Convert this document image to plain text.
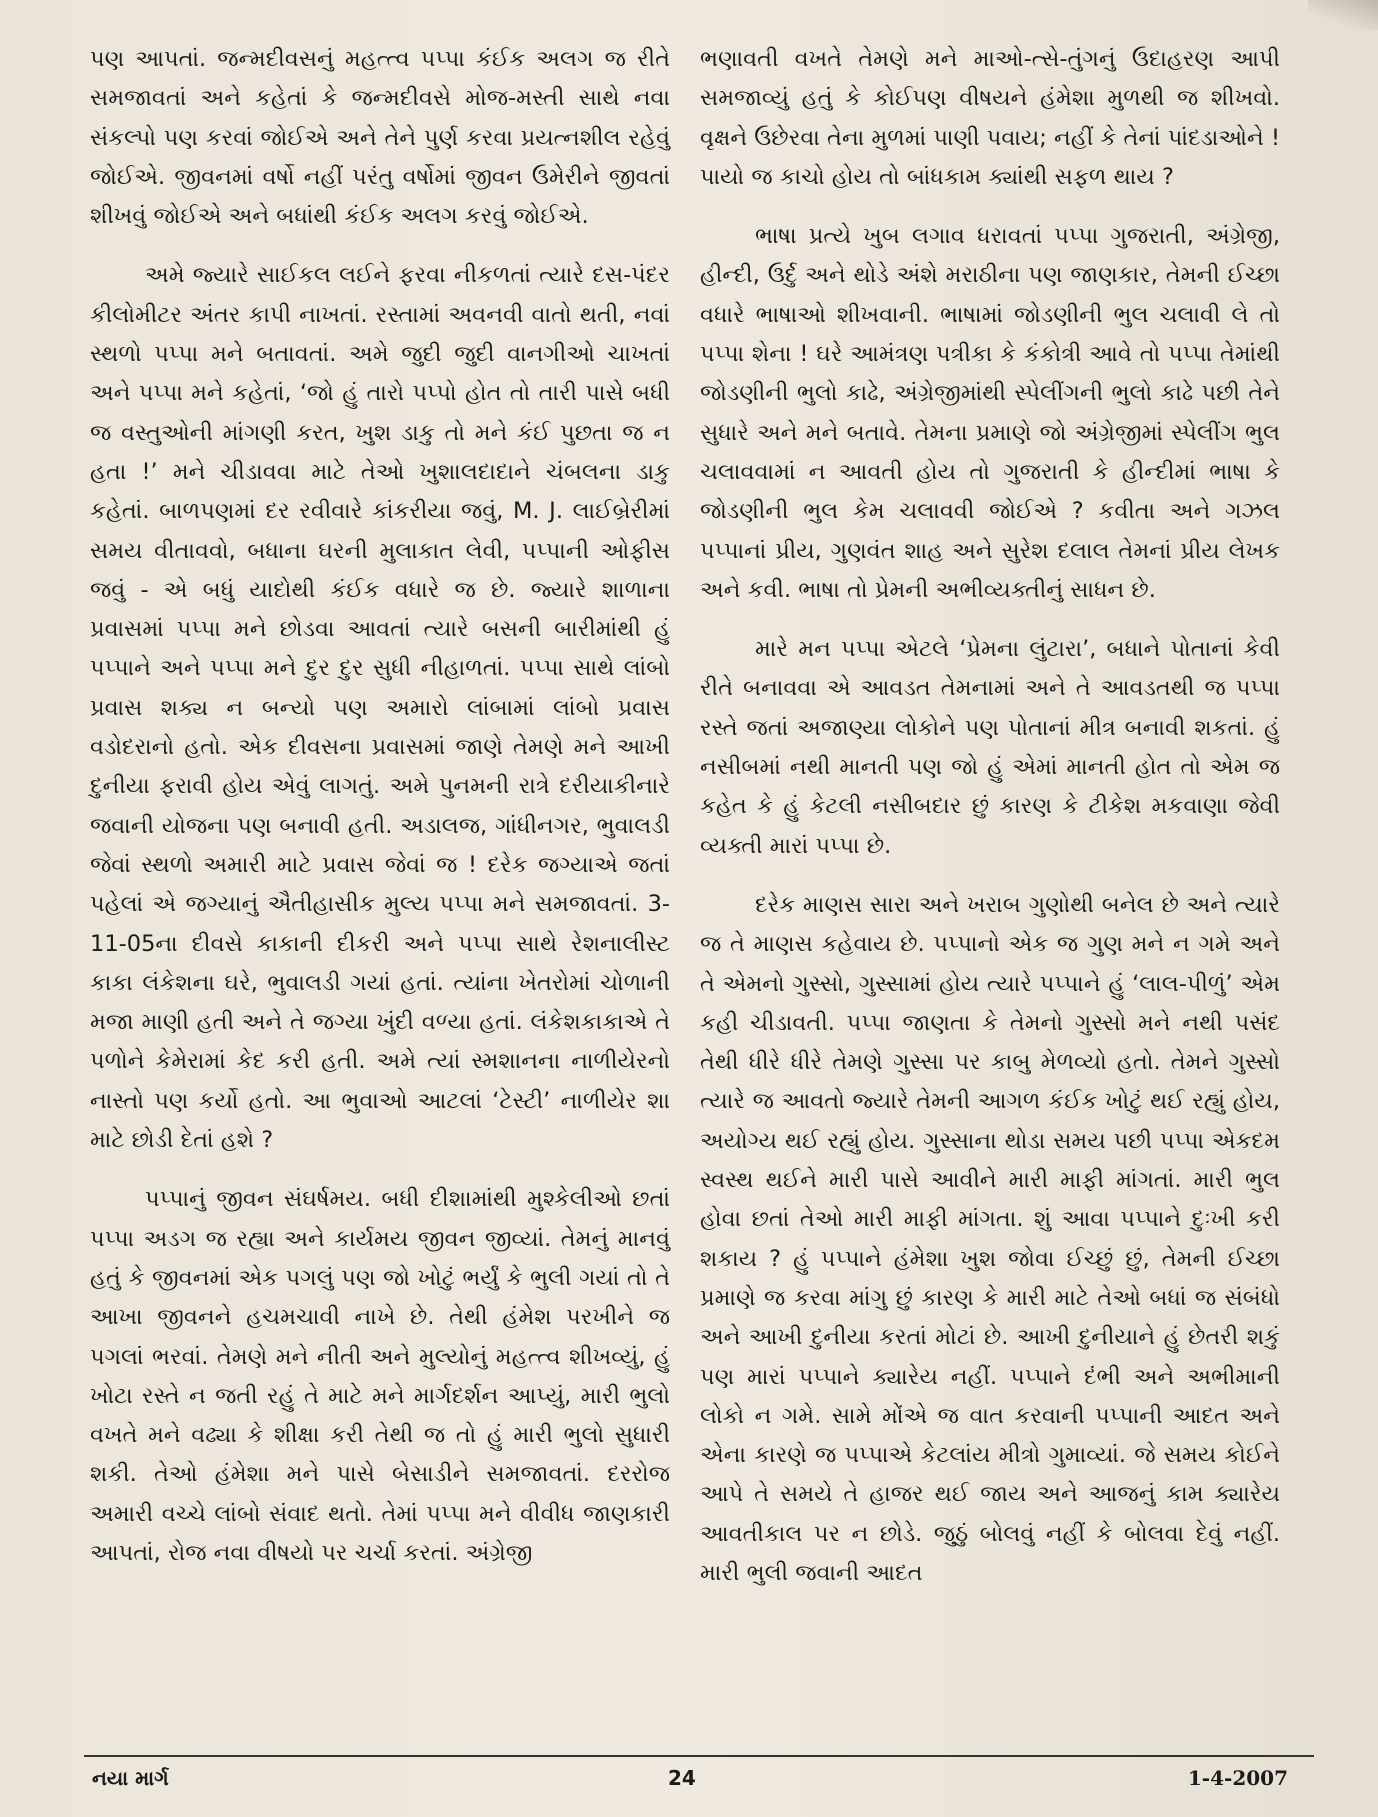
પણ આપતાં. જન્મદીવસનું મહત્ત્વ પપ્પા કંઈક અલગ જ રીતે સમજાવતાં અને કહેતાં કે જન્મદીવસે મોજ-મસ્તી સાથે નવા સંકલ્પો પણ કરવાં જોઈએ અને તેને પુર્ણ કરવા પ્રયત્નશીલ રહેવું જોઈએ. જીવનમાં વર્ષો નહીં પરંતુ વર્ષોમાં જીવન ઉમેરીને જીવતાં શીખવું જોઈએ અને બધાંથી કંઈક અલગ કરવું જોઈએ.

અમે જ્યારે સાઈકલ લઈને ફરવા નીકળતાં ત્યારે દસ-પંદર કીલોમીટર અંતર કાપી નાખતાં. રસ્તામાં અવનવી વાતો થતી, નવાં સ્થળો પપ્પા મને બતાવતાં. અમે જુદી જુદી વાનગીઓ ચાખતાં અને પપ્પા મને કહેતાં, ‘જો હું તારો પપ્પો હોત તો તારી પાસે બધી જ વસ્તુઓની માંગણી કરત, ખુશ ડાકુ તો મને કંઈ પુછતા જ ન હતા !’ મને ચીડાવવા માટે તેઓ ખુશાલદાદાને ચંબલના ડાકુ કહેતાં. બાળપણમાં દર રવીવારે કાંકરીયા જવું, M. J. લાઈબ્રેરીમાં સમય વીતાવવો, બધાના ઘરની મુલાકાત લેવી, પપ્પાની ઓફીસ જવું - એ બધું યાદોથી કંઈક વધારે જ છે. જ્યારે શાળાના પ્રવાસમાં પપ્પા મને છોડવા આવતાં ત્યારે બસની બારીમાંથી હું પપ્પાને અને પપ્પા મને દુર દુર સુધી નીહાળતાં. પપ્પા સાથે લાંબો પ્રવાસ શક્ય ન બન્યો પણ અમારો લાંબામાં લાંબો પ્રવાસ વડોદરાનો હતો. એક દીવસના પ્રવાસમાં જાણે તેમણે મને આખી દુનીયા ફરાવી હોય એવું લાગતું. અમે પુનમની રાત્રે દરીયાકીનારે જવાની યોજના પણ બનાવી હતી. અડાલજ, ગાંધીનગર, ભુવાલડી જેવાં સ્થળો અમારી માટે પ્રવાસ જેવાં જ ! દરેક જગ્યાએ જતાં પહેલાં એ જગ્યાનું ઐતીહાસીક મુલ્ય પપ્પા મને સમજાવતાં. 3-11-05ના દીવસે કાકાની દીકરી અને પપ્પા સાથે રેશનાલીસ્ટ કાકા લંકેશના ઘરે, ભુવાલડી ગયાં હતાં. ત્યાંના ખેતરોમાં ચોળાની મજા માણી હતી અને તે જગ્યા ખુંદી વળ્યા હતાં. લંકેશકાકાએ તે પળોને કેમેરામાં કેદ કરી હતી. અમે ત્યાં સ્મશાનના નાળીયેરનો નાસ્તો પણ કર્યો હતો. આ ભુવાઓ આટલાં ‘ટેસ્ટી’ નાળીયેર શા માટે છોડી દેતાં હશે ?

પપ્પાનું જીવન સંઘર્ષમય. બધી દીશામાંથી મુશ્કેલીઓ છતાં પપ્પા અડગ જ રહ્યા અને કાર્યમય જીવન જીવ્યાં. તેમનું માનવું હતું કે જીવનમાં એક પગલું પણ જો ખોટું ભર્યું કે ભુલી ગયાં તો તે આખા જીવનને હચમચાવી નાખે છે. તેથી હંમેશ પરખીને જ પગલાં ભરવાં. તેમણે મને નીતી અને મુલ્યોનું મહત્ત્વ શીખવ્યું, હું ખોટા રસ્તે ન જતી રહું તે માટે મને માર્ગદર્શન આપ્યું, મારી ભુલો વખતે મને વઢ્યા કે શીક્ષા કરી તેથી જ તો હું મારી ભુલો સુધારી શકી. તેઓ હંમેશા મને પાસે બેસાડીને સમજાવતાં. દરરોજ અમારી વચ્ચે લાંબો સંવાદ થતો. તેમાં પપ્પા મને વીવીધ જાણકારી આપતાં, રોજ નવા વીષયો પર ચર્ચા કરતાં. અંગ્રેજી

ભણાવતી વખતે તેમણે મને માઓ-ત્સે-તુંગનું ઉદાહરણ આપી સમજાવ્યું હતું કે કોઈપણ વીષયને હંમેશા મુળથી જ શીખવો. વૃક્ષને ઉછેરવા તેના મુળમાં પાણી પવાય; નહીં કે તેનાં પાંદડાઓને ! પાયો જ કાચો હોય તો બાંધકામ ક્યાંથી સફળ થાય ?

ભાષા પ્રત્યે ખુબ લગાવ ધરાવતાં પપ્પા ગુજરાતી, અંગ્રેજી, હીન્દી, ઉર્દુ અને થોડે અંશે મરાઠીના પણ જાણકાર, તેમની ઈચ્છા વધારે ભાષાઓ શીખવાની. ભાષામાં જોડણીની ભુલ ચલાવી લે તો પપ્પા શેના ! ઘરે આમંત્રણ પત્રીકા કે કંકોત્રી આવે તો પપ્પા તેમાંથી જોડણીની ભુલો કાઢે, અંગ્રેજીમાંથી સ્પેલીંગની ભુલો કાઢે પછી તેને સુધારે અને મને બતાવે. તેમના પ્રમાણે જો અંગ્રેજીમાં સ્પેલીંગ ભુલ ચલાવવામાં ન આવતી હોય તો ગુજરાતી કે હીન્દીમાં ભાષા કે જોડણીની ભુલ કેમ ચલાવવી જોઈએ ? કવીતા અને ગઝલ પપ્પાનાં પ્રીય, ગુણવંત શાહ અને સુરેશ દલાલ તેમનાં પ્રીય લેખક અને કવી. ભાષા તો પ્રેમની અભીવ્યક્તીનું સાધન છે.

મારે મન પપ્પા એટલે ‘પ્રેમના લુંટારા’, બધાને પોતાનાં કેવી રીતે બનાવવા એ આવડત તેમનામાં અને તે આવડતથી જ પપ્પા રસ્તે જતાં અજાણ્યા લોકોને પણ પોતાનાં મીત્ર બનાવી શકતાં. હું નસીબમાં નથી માનતી પણ જો હું એમાં માનતી હોત તો એમ જ કહેત કે હું કેટલી નસીબદાર છું કારણ કે ટીકેશ મકવાણા જેવી વ્યક્તી મારાં પપ્પા છે.

દરેક માણસ સારા અને ખરાબ ગુણોથી બનેલ છે અને ત્યારે જ તે માણસ કહેવાય છે. પપ્પાનો એક જ ગુણ મને ન ગમે અને તે એમનો ગુસ્સો, ગુસ્સામાં હોય ત્યારે પપ્પાને હું ‘લાલ-પીળું’ એમ કહી ચીડાવતી. પપ્પા જાણતા કે તેમનો ગુસ્સો મને નથી પસંદ તેથી ધીરે ધીરે તેમણે ગુસ્સા પર કાબુ મેળવ્યો હતો. તેમને ગુસ્સો ત્યારે જ આવતો જ્યારે તેમની આગળ કંઈક ખોટું થઈ રહ્યું હોય, અયોગ્ય થઈ રહ્યું હોય. ગુસ્સાના થોડા સમય પછી પપ્પા એકદમ સ્વસ્થ થઈને મારી પાસે આવીને મારી માફી માંગતાં. મારી ભુલ હોવા છતાં તેઓ મારી માફી માંગતા. શું આવા પપ્પાને દુઃખી કરી શકાય ? હું પપ્પાને હંમેશા ખુશ જોવા ઈચ્છું છું, તેમની ઈચ્છા પ્રમાણે જ કરવા માંગુ છું કારણ કે મારી માટે તેઓ બધાં જ સંબંધો અને આખી દુનીયા કરતાં મોટાં છે. આખી દુનીયાને હું છેતરી શકું પણ મારાં પપ્પાને ક્યારેય નહીં. પપ્પાને દંભી અને અભીમાની લોકો ન ગમે. સામે મોંએ જ વાત કરવાની પપ્પાની આદત અને એના કારણે જ પપ્પાએ કેટલાંય મીત્રો ગુમાવ્યાં. જે સમય કોઈને આપે તે સમયે તે હાજર થઈ જાય અને આજનું કામ ક્યારેય આવતીકાલ પર ન છોડે. જુઠું બોલવું નહીં કે બોલવા દેવું નહીં. મારી ભુલી જવાની આદત

નયા માર્ગ	24	1-4-2007
